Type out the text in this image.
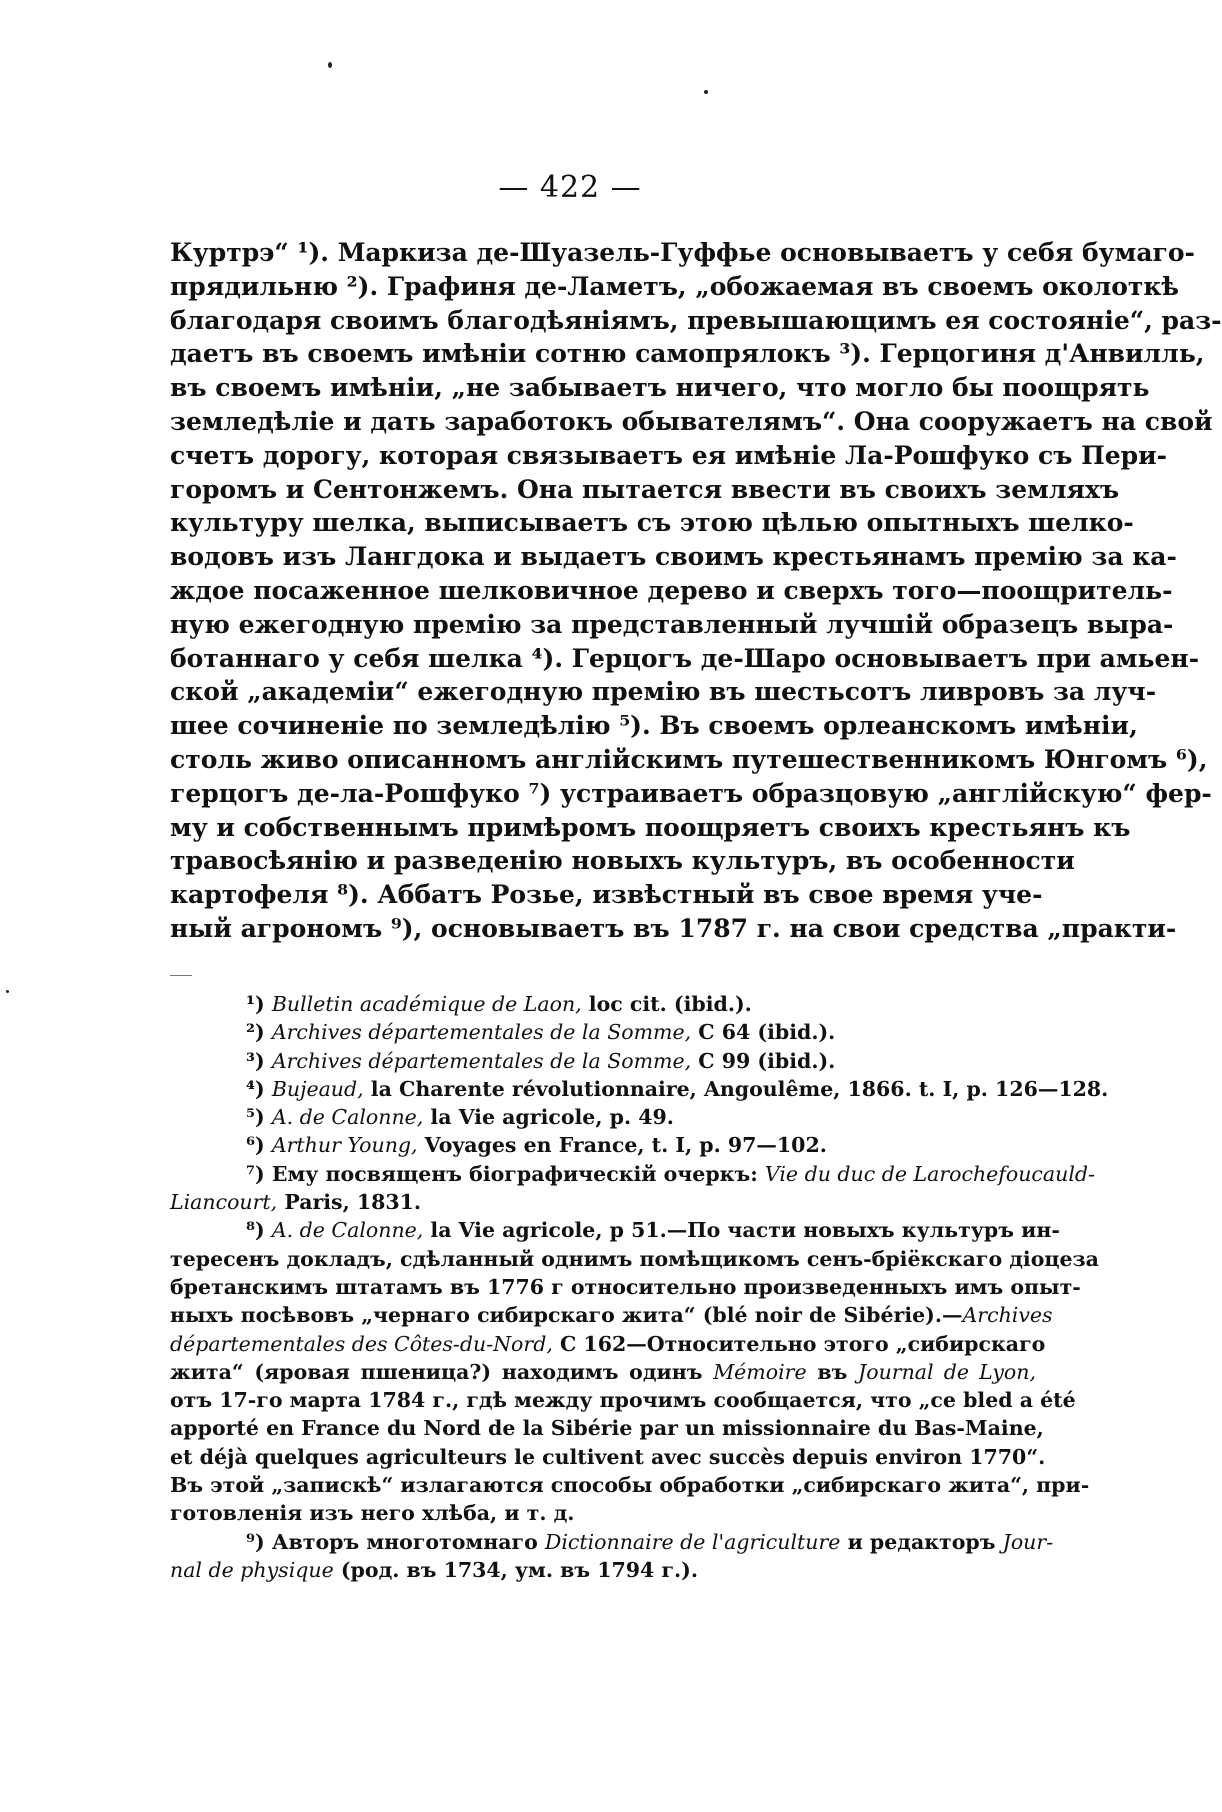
— 422 —
Куртрэ“ ¹). Маркиза де-Шуазель-Гуффье основываетъ у себя бумаго-
прядильню ²). Графиня де-Ламетъ, „обожаемая въ своемъ околоткѣ
благодаря своимъ благодѣяніямъ, превышающимъ ея состояніе“, раз-
даетъ въ своемъ имѣніи сотню самопрялокъ ³). Герцогиня д'Анвилль,
въ своемъ имѣніи, „не забываетъ ничего, что могло бы поощрять
земледѣліе и дать заработокъ обывателямъ“. Она сооружаетъ на свой
счетъ дорогу, которая связываетъ ея имѣніе Ла-Рошфуко съ Пери-
горомъ и Сентонжемъ. Она пытается ввести въ своихъ земляхъ
культуру шелка, выписываетъ съ этою цѣлью опытныхъ шелко-
водовъ изъ Лангдока и выдаетъ своимъ крестьянамъ премію за ка-
ждое посаженное шелковичное дерево и сверхъ того—поощритель-
ную ежегодную премію за представленный лучшій образецъ выра-
ботаннаго у себя шелка ⁴). Герцогъ де-Шаро основываетъ при амьен-
ской „академіи“ ежегодную премію въ шестьсотъ ливровъ за луч-
шее сочиненіе по земледѣлію ⁵). Въ своемъ орлеанскомъ имѣніи,
столь живо описанномъ англійскимъ путешественникомъ Юнгомъ ⁶),
герцогъ де-ла-Рошфуко ⁷) устраиваетъ образцовую „англійскую“ фер-
му и собственнымъ примѣромъ поощряетъ своихъ крестьянъ къ
травосѣянію и разведенію новыхъ культуръ, въ особенности
картофеля ⁸). Аббатъ Розье, извѣстный въ свое время уче-
ный агрономъ ⁹), основываетъ въ 1787 г. на свои средства „практи-
¹) Bulletin académique de Laon, loc cit. (ibid.).
²) Archives départementales de la Somme, C 64 (ibid.).
³) Archives départementales de la Somme, C 99 (ibid.).
⁴) Bujeaud, la Charente révolutionnaire, Angoulême, 1866. t. I, p. 126—128.
⁵) A. de Calonne, la Vie agricole, p. 49.
⁶) Arthur Young, Voyages en France, t. I, p. 97—102.
⁷) Ему посвященъ біографическій очеркъ: Vie du duc de Larochefoucauld-
Liancourt, Paris, 1831.
⁸) A. de Calonne, la Vie agricole, p 51.—По части новыхъ культуръ ин-
тересенъ докладъ, сдѣланный однимъ помѣщикомъ сенъ-бріёкскаго діоцеза
бретанскимъ штатамъ въ 1776 г относительно произведенныхъ имъ опыт-
ныхъ посѣвовъ „чернаго сибирскаго жита“ (blé noir de Sibérie).—Archives
départementales des Côtes-du-Nord, C 162—Относительно этого „сибирскаго
жита“ (яровая пшеница?) находимъ одинъ Mémoire въ Journal de Lyon,
отъ 17-го марта 1784 г., гдѣ между прочимъ сообщается, что „ce bled a été
apporté en France du Nord de la Sibérie par un missionnaire du Bas-Maine,
et déjà quelques agriculteurs le cultivent avec succès depuis environ 1770“.
Въ этой „запискѣ“ излагаются способы обработки „сибирскаго жита“, при-
готовленія изъ него хлѣба, и т. д.
⁹) Авторъ многотомнаго Dictionnaire de l'agriculture и редакторъ Jour-
nal de physique (род. въ 1734, ум. въ 1794 г.).
